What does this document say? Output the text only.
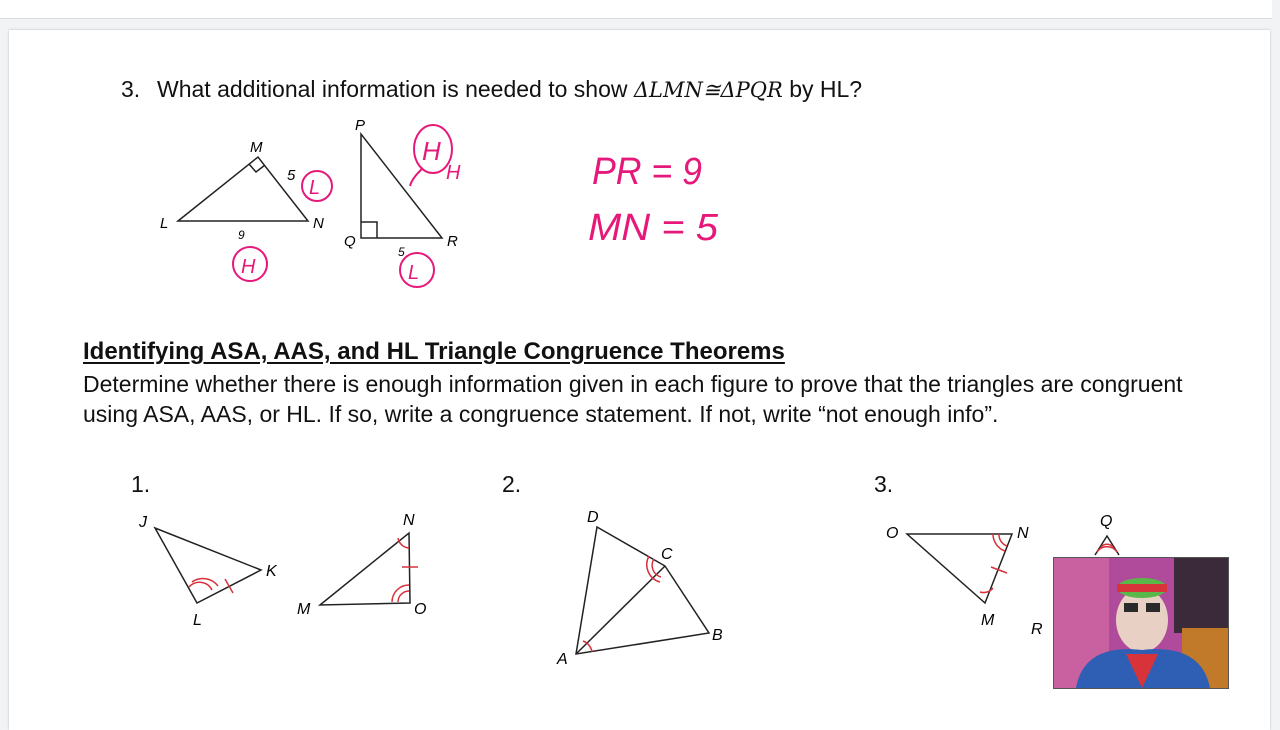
3. What additional information is needed to show ΔLMN≅ΔPQR by HL?
L
M
N
5
9
P
Q	R
5
L
H
H
L
H	PR = 9
MN = 5
Identifying ASA, AAS, and HL Triangle Congruence Theorems
Determine whether there is enough information given in each figure to prove that the triangles are congruent using ASA, AAS, or HL. If so, write a congruence statement. If not, write “not enough info”.
1.	2.	3.
J
K
L
N
M	O
D
C
A
B
O	N
M
Q
R
